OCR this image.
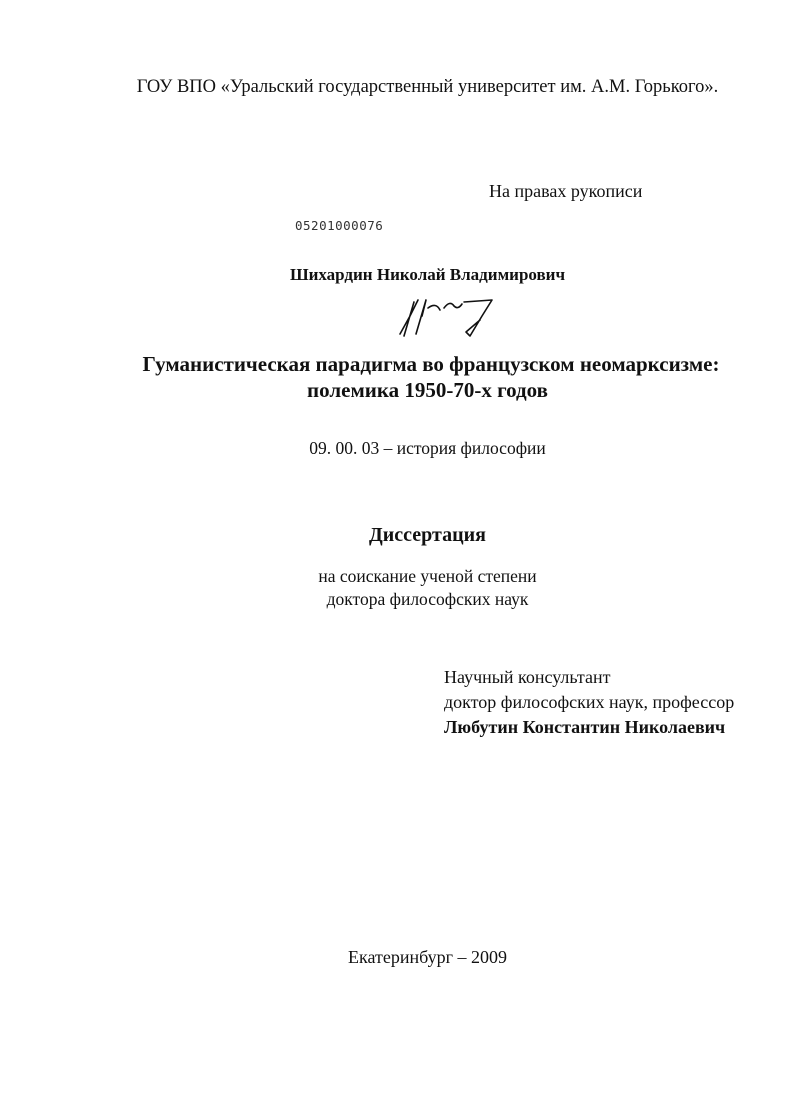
ГОУ ВПО «Уральский государственный университет им. А.М. Горького».
На правах рукописи
05201000076
Шихардин Николай Владимирович
Гуманистическая парадигма во французском неомарксизме:
полемика 1950-70-х годов
09. 00. 03 – история философии
Диссертация
на соискание ученой степени
доктора философских наук
Научный консультант
доктор философских наук, профессор
Любутин Константин Николаевич
Екатеринбург – 2009
